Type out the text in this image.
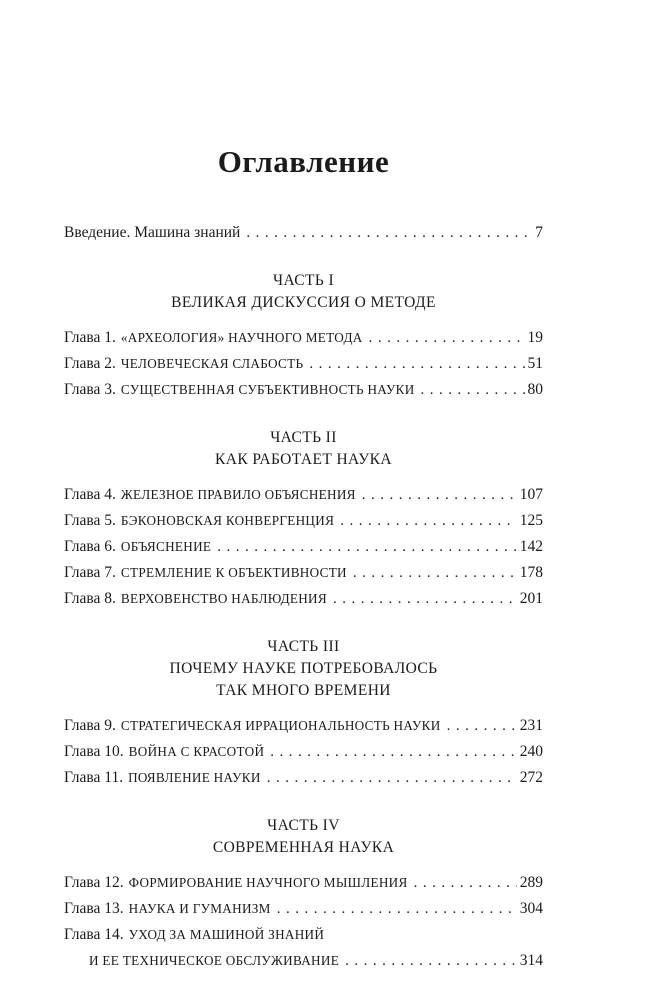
Оглавление
Введение. Машина знаний .....	7
ЧАСТЬ I
ВЕЛИКАЯ ДИСКУССИЯ О МЕТОДЕ
Глава 1. «АРХЕОЛОГИЯ» НАУЧНОГО МЕТОДА .....	19
Глава 2. ЧЕЛОВЕЧЕСКАЯ СЛАБОСТЬ .....	51
Глава 3. СУЩЕСТВЕННАЯ СУБЪЕКТИВНОСТЬ НАУКИ .....	80
ЧАСТЬ II
КАК РАБОТАЕТ НАУКА
Глава 4. ЖЕЛЕЗНОЕ ПРАВИЛО ОБЪЯСНЕНИЯ .....	107
Глава 5. БЭКОНОВСКАЯ КОНВЕРГЕНЦИЯ .....	125
Глава 6. ОБЪЯСНЕНИЕ .....	142
Глава 7. СТРЕМЛЕНИЕ К ОБЪЕКТИВНОСТИ .....	178
Глава 8. ВЕРХОВЕНСТВО НАБЛЮДЕНИЯ .....	201
ЧАСТЬ III
ПОЧЕМУ НАУКЕ ПОТРЕБОВАЛОСЬ
ТАК МНОГО ВРЕМЕНИ
Глава 9. СТРАТЕГИЧЕСКАЯ ИРРАЦИОНАЛЬНОСТЬ НАУКИ .....	231
Глава 10. ВОЙНА С КРАСОТОЙ .....	240
Глава 11. ПОЯВЛЕНИЕ НАУКИ .....	272
ЧАСТЬ IV
СОВРЕМЕННАЯ НАУКА
Глава 12. ФОРМИРОВАНИЕ НАУЧНОГО МЫШЛЕНИЯ .....	289
Глава 13. НАУКА И ГУМАНИЗМ .....	304
Глава 14. УХОД ЗА МАШИНОЙ ЗНАНИЙ
И ЕЕ ТЕХНИЧЕСКОЕ ОБСЛУЖИВАНИЕ .....	314
